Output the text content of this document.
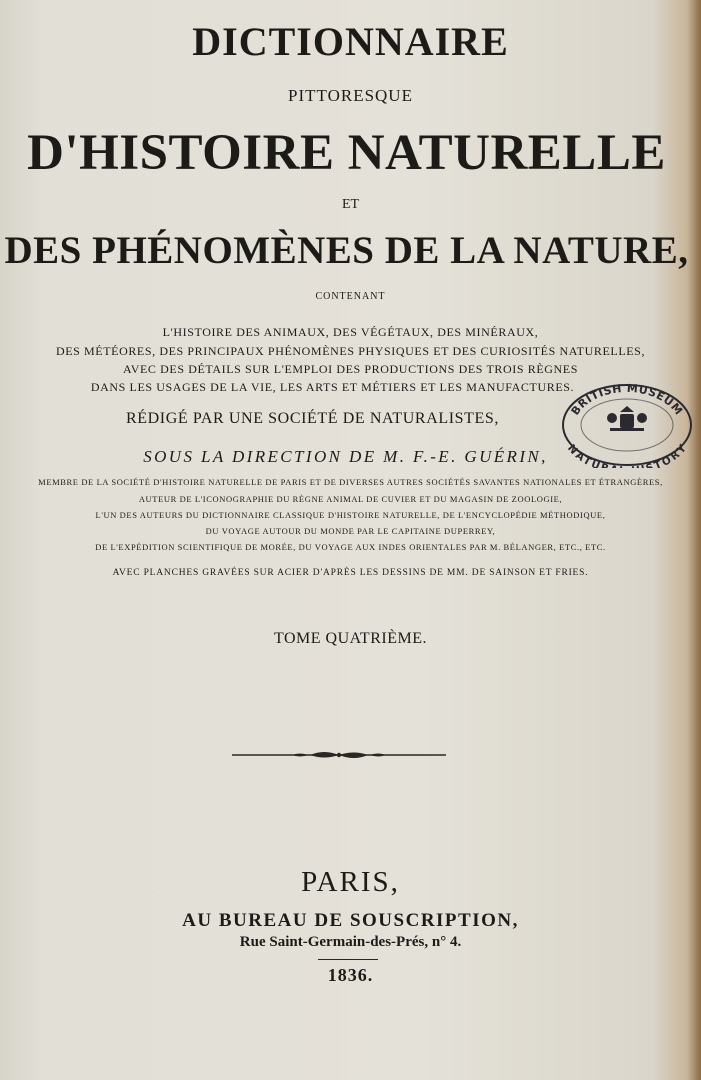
DICTIONNAIRE
PITTORESQUE
D'HISTOIRE NATURELLE
ET
DES PHÉNOMÈNES DE LA NATURE,
CONTENANT
L'HISTOIRE DES ANIMAUX, DES VÉGÉTAUX, DES MINÉRAUX,
DES MÉTÉORES, DES PRINCIPAUX PHÉNOMÈNES PHYSIQUES ET DES CURIOSITÉS NATURELLES,
AVEC DES DÉTAILS SUR L'EMPLOI DES PRODUCTIONS DES TROIS RÈGNES
DANS LES USAGES DE LA VIE, LES ARTS ET MÉTIERS ET LES MANUFACTURES.
RÉDIGÉ PAR UNE SOCIÉTÉ DE NATURALISTES,
SOUS LA DIRECTION DE M. F.-E. GUÉRIN,
MEMBRE DE LA SOCIÉTÉ D'HISTOIRE NATURELLE DE PARIS ET DE DIVERSES AUTRES SOCIÉTÉS SAVANTES NATIONALES ET ÉTRANGÈRES,
AUTEUR DE L'ICONOGRAPHIE DU RÈGNE ANIMAL DE CUVIER ET DU MAGASIN DE ZOOLOGIE,
L'UN DES AUTEURS DU DICTIONNAIRE CLASSIQUE D'HISTOIRE NATURELLE, DE L'ENCYCLOPÉDIE MÉTHODIQUE,
DU VOYAGE AUTOUR DU MONDE PAR LE CAPITAINE DUPERREY,
DE L'EXPÉDITION SCIENTIFIQUE DE MORÉE, DU VOYAGE AUX INDES ORIENTALES PAR M. BÉLANGER, ETC., ETC.
AVEC PLANCHES GRAVÉES SUR ACIER D'APRÈS LES DESSINS DE MM. DE SAINSON ET FRIES.
TOME QUATRIÈME.
PARIS,
AU BUREAU DE SOUSCRIPTION,
Rue Saint-Germain-des-Prés, n° 4.
1836.
BRITISH MUSEUM
NATU TORY
